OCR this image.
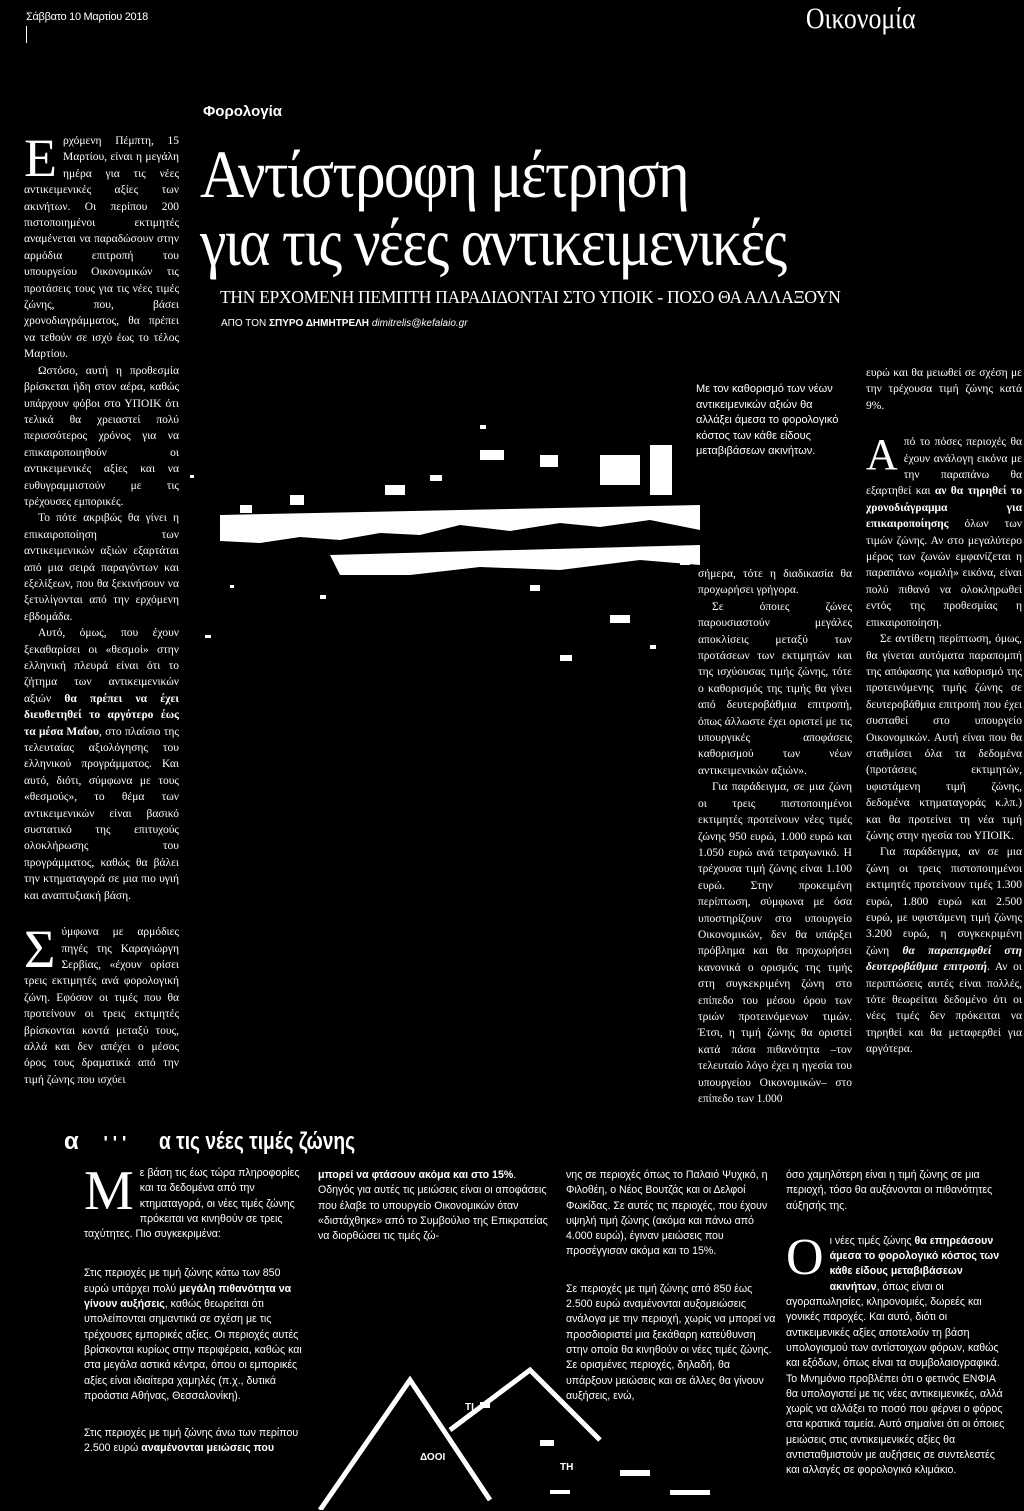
Σάββατο 10 Μαρτίου 2018	Οικονομία
Φορολογία
Αντίστροφη μέτρηση
για τις νέες αντικειμενικές
ΤΗΝ ΕΡΧΟΜΕΝΗ ΠΕΜΠΤΗ ΠΑΡΑΔΙΔΟΝΤΑΙ ΣΤΟ ΥΠΟΙΚ - ΠΟΣΟ ΘΑ ΑΛΛΑΞΟΥΝ
ΑΠΟ ΤΟΝ ΣΠΥΡΟ ΔΗΜΗΤΡΕΛΗ dimitrelis@kefalaio.gr
Με τον καθορισμό των νέων αντικειμενικών αξιών θα αλλάξει άμεσα το φορολογικό κόστος των κάθε είδους μεταβιβάσεων ακινήτων.

Ερχόμενη Πέμπτη, 15 Μαρτίου, είναι η μεγάλη ημέρα για τις νέες αντικειμενικές αξίες των ακινήτων. Οι περίπου 200 πιστοποιημένοι εκτιμητές αναμένεται να παραδώσουν στην αρμόδια επιτροπή του υπουργείου Οικονομικών τις προτάσεις τους για τις νέες τιμές ζώνης, που, βάσει χρονοδιαγράμματος, θα πρέπει να τεθούν σε ισχύ έως το τέλος Μαρτίου.

Ωστόσο, αυτή η προθεσμία βρίσκεται ήδη στον αέρα, καθώς υπάρχουν φόβοι στο ΥΠΟΙΚ ότι τελικά θα χρειαστεί πολύ περισσότερος χρόνος για να επικαιροποιηθούν οι αντικειμενικές αξίες και να ευθυγραμμιστούν με τις τρέχουσες εμπορικές.

Το πότε ακριβώς θα γίνει η επικαιροποίηση των αντικειμενικών αξιών εξαρτάται από μια σειρά παραγόντων και εξελίξεων, που θα ξεκινήσουν να ξετυλίγονται από την ερχόμενη εβδομάδα.

Αυτό, όμως, που έχουν ξεκαθαρίσει οι «θεσμοί» στην ελληνική πλευρά είναι ότι το ζήτημα των αντικειμενικών αξιών θα πρέπει να έχει διευθετηθεί το αργότερο έως τα μέσα Μαΐου, στο πλαίσιο της τελευταίας αξιολόγησης του ελληνικού προγράμματος. Και αυτό, διότι, σύμφωνα με τους «θεσμούς», το θέμα των αντικειμενικών είναι βασικό συστατικό της επιτυχούς ολοκλήρωσης του προγράμματος, καθώς θα βάλει την κτηματαγορά σε μια πιο υγιή και αναπτυξιακή βάση.

Σύμφωνα με αρμόδιες πηγές της Καραγιώργη Σερβίας, «έχουν ορίσει τρεις εκτιμητές ανά φορολογική ζώνη. Εφόσον οι τιμές που θα προτείνουν οι τρεις εκτιμητές βρίσκονται κοντά μεταξύ τους, αλλά και δεν απέχει ο μέσος όρος τους δραματικά από την τιμή ζώνης που ισχύει

σήμερα, τότε η διαδικασία θα προχωρήσει γρήγορα.

Σε όποιες ζώνες παρουσιαστούν μεγάλες αποκλίσεις μεταξύ των προτάσεων των εκτιμητών και της ισχύουσας τιμής ζώνης, τότε ο καθορισμός της τιμής θα γίνει από δευτεροβάθμια επιτροπή, όπως άλλωστε έχει οριστεί με τις υπουργικές αποφάσεις καθορισμού των νέων αντικειμενικών αξιών».

Για παράδειγμα, σε μια ζώνη οι τρεις πιστοποιημένοι εκτιμητές προτείνουν νέες τιμές ζώνης 950 ευρώ, 1.000 ευρώ και 1.050 ευρώ ανά τετραγωνικό. Η τρέχουσα τιμή ζώνης είναι 1.100 ευρώ. Στην προκειμένη περίπτωση, σύμφωνα με όσα υποστηρίζουν στο υπουργείο Οικονομικών, δεν θα υπάρξει πρόβλημα και θα προχωρήσει κανονικά ο ορισμός της τιμής στη συγκεκριμένη ζώνη στο επίπεδο του μέσου όρου των τριών προτεινόμενων τιμών. Έτσι, η τιμή ζώνης θα οριστεί κατά πάσα πιθανότητα –τον τελευταίο λόγο έχει η ηγεσία του υπουργείου Οικονομικών– στο επίπεδο των 1.000

ευρώ και θα μειωθεί σε σχέση με την τρέχουσα τιμή ζώνης κατά 9%.

Από το πόσες περιοχές θα έχουν ανάλογη εικόνα με την παραπάνω θα εξαρτηθεί και αν θα τηρηθεί το χρονοδιάγραμμα για επικαιροποίησης όλων των τιμών ζώνης. Αν στο μεγαλύτερο μέρος των ζωνών εμφανίζεται η παραπάνω «ομαλή» εικόνα, είναι πολύ πιθανό να ολοκληρωθεί εντός της προθεσμίας η επικαιροποίηση.

Σε αντίθετη περίπτωση, όμως, θα γίνεται αυτόματα παραπομπή της απόφασης για καθορισμό της προτεινόμενης τιμής ζώνης σε δευτεροβάθμια επιτροπή που έχει συσταθεί στο υπουργείο Οικονομικών. Αυτή είναι που θα σταθμίσει όλα τα δεδομένα (προτάσεις εκτιμητών, υφιστάμενη τιμή ζώνης, δεδομένα κτηματαγοράς κ.λπ.) και θα προτείνει τη νέα τιμή ζώνης στην ηγεσία του ΥΠΟΙΚ.

Για παράδειγμα, αν σε μια ζώνη οι τρεις πιστοποιημένοι εκτιμητές προτείνουν τιμές 1.300 ευρώ, 1.800 ευρώ και 2.500 ευρώ, με υφιστάμενη τιμή ζώνης 3.200 ευρώ, η συγκεκριμένη ζώνη θα παραπεμφθεί στη δευτεροβάθμια επιτροπή. Αν οι περιπτώσεις αυτές είναι πολλές, τότε θεωρείται δεδομένο ότι οι νέες τιμές δεν πρόκειται να τηρηθεί και θα μεταφερθεί για αργότερα.

α ' ' ' α τις νέες τιμές ζώνης
ΔΟΟΙ
ΤΗ
ΤΙ

Με βάση τις έως τώρα πληροφορίες και τα δεδομένα από την κτηματαγορά, οι νέες τιμές ζώνης πρόκειται να κινηθούν σε τρεις ταχύτητες. Πιο συγκεκριμένα:

Στις περιοχές με τιμή ζώνης κάτω των 850 ευρώ υπάρχει πολύ μεγάλη πιθανότητα να γίνουν αυξήσεις, καθώς θεωρείται ότι υπολείπονται σημαντικά σε σχέση με τις τρέχουσες εμπορικές αξίες. Οι περιοχές αυτές βρίσκονται κυρίως στην περιφέρεια, καθώς και στα μεγάλα αστικά κέντρα, όπου οι εμπορικές αξίες είναι ιδιαίτερα χαμηλές (π.χ., δυτικά προάστια Αθήνας, Θεσσαλονίκη).

Στις περιοχές με τιμή ζώνης άνω των περίπου 2.500 ευρώ αναμένονται μειώσεις που

μπορεί να φτάσουν ακόμα και στο 15%. Οδηγός για αυτές τις μειώσεις είναι οι αποφάσεις που έλαβε το υπουργείο Οικονομικών όταν «διστάχθηκε» από το Συμβούλιο της Επικρατείας να διορθώσει τις τιμές ζώ-

νης σε περιοχές όπως το Παλαιό Ψυχικό, η Φιλοθέη, ο Νέος Βουτζάς και οι Δελφοί Φωκίδας. Σε αυτές τις περιοχές, που έχουν υψηλή τιμή ζώνης (ακόμα και πάνω από 4.000 ευρώ), έγιναν μειώσεις που προσέγγισαν ακόμα και το 15%.

Σε περιοχές με τιμή ζώνης από 850 έως 2.500 ευρώ αναμένονται αυξομειώσεις ανάλογα με την περιοχή, χωρίς να μπορεί να προσδιοριστεί μια ξεκάθαρη κατεύθυνση στην οποία θα κινηθούν οι νέες τιμές ζώνης. Σε ορισμένες περιοχές, δηλαδή, θα υπάρξουν μειώσεις και σε άλλες θα γίνουν αυξήσεις, ενώ,

όσο χαμηλότερη είναι η τιμή ζώνης σε μια περιοχή, τόσο θα αυξάνονται οι πιθανότητες αύξησής της.

Οι νέες τιμές ζώνης θα επηρεάσουν άμεσα το φορολογικό κόστος των κάθε είδους μεταβιβάσεων ακινήτων, όπως είναι οι αγοραπωλησίες, κληρονομιές, δωρεές και γονικές παροχές. Και αυτό, διότι οι αντικειμενικές αξίες αποτελούν τη βάση υπολογισμού των αντίστοιχων φόρων, καθώς και εξόδων, όπως είναι τα συμβολαιογραφικά. Το Μνημόνιο προβλέπει ότι ο φετινός ΕΝΦΙΑ θα υπολογιστεί με τις νέες αντικειμενικές, αλλά χωρίς να αλλάξει το ποσό που φέρνει ο φόρος στα κρατικά ταμεία. Αυτό σημαίνει ότι οι όποιες μειώσεις στις αντικειμενικές αξίες θα αντισταθμιστούν με αυξήσεις σε συντελεστές και αλλαγές σε φορολογικό κλιμάκιο.
